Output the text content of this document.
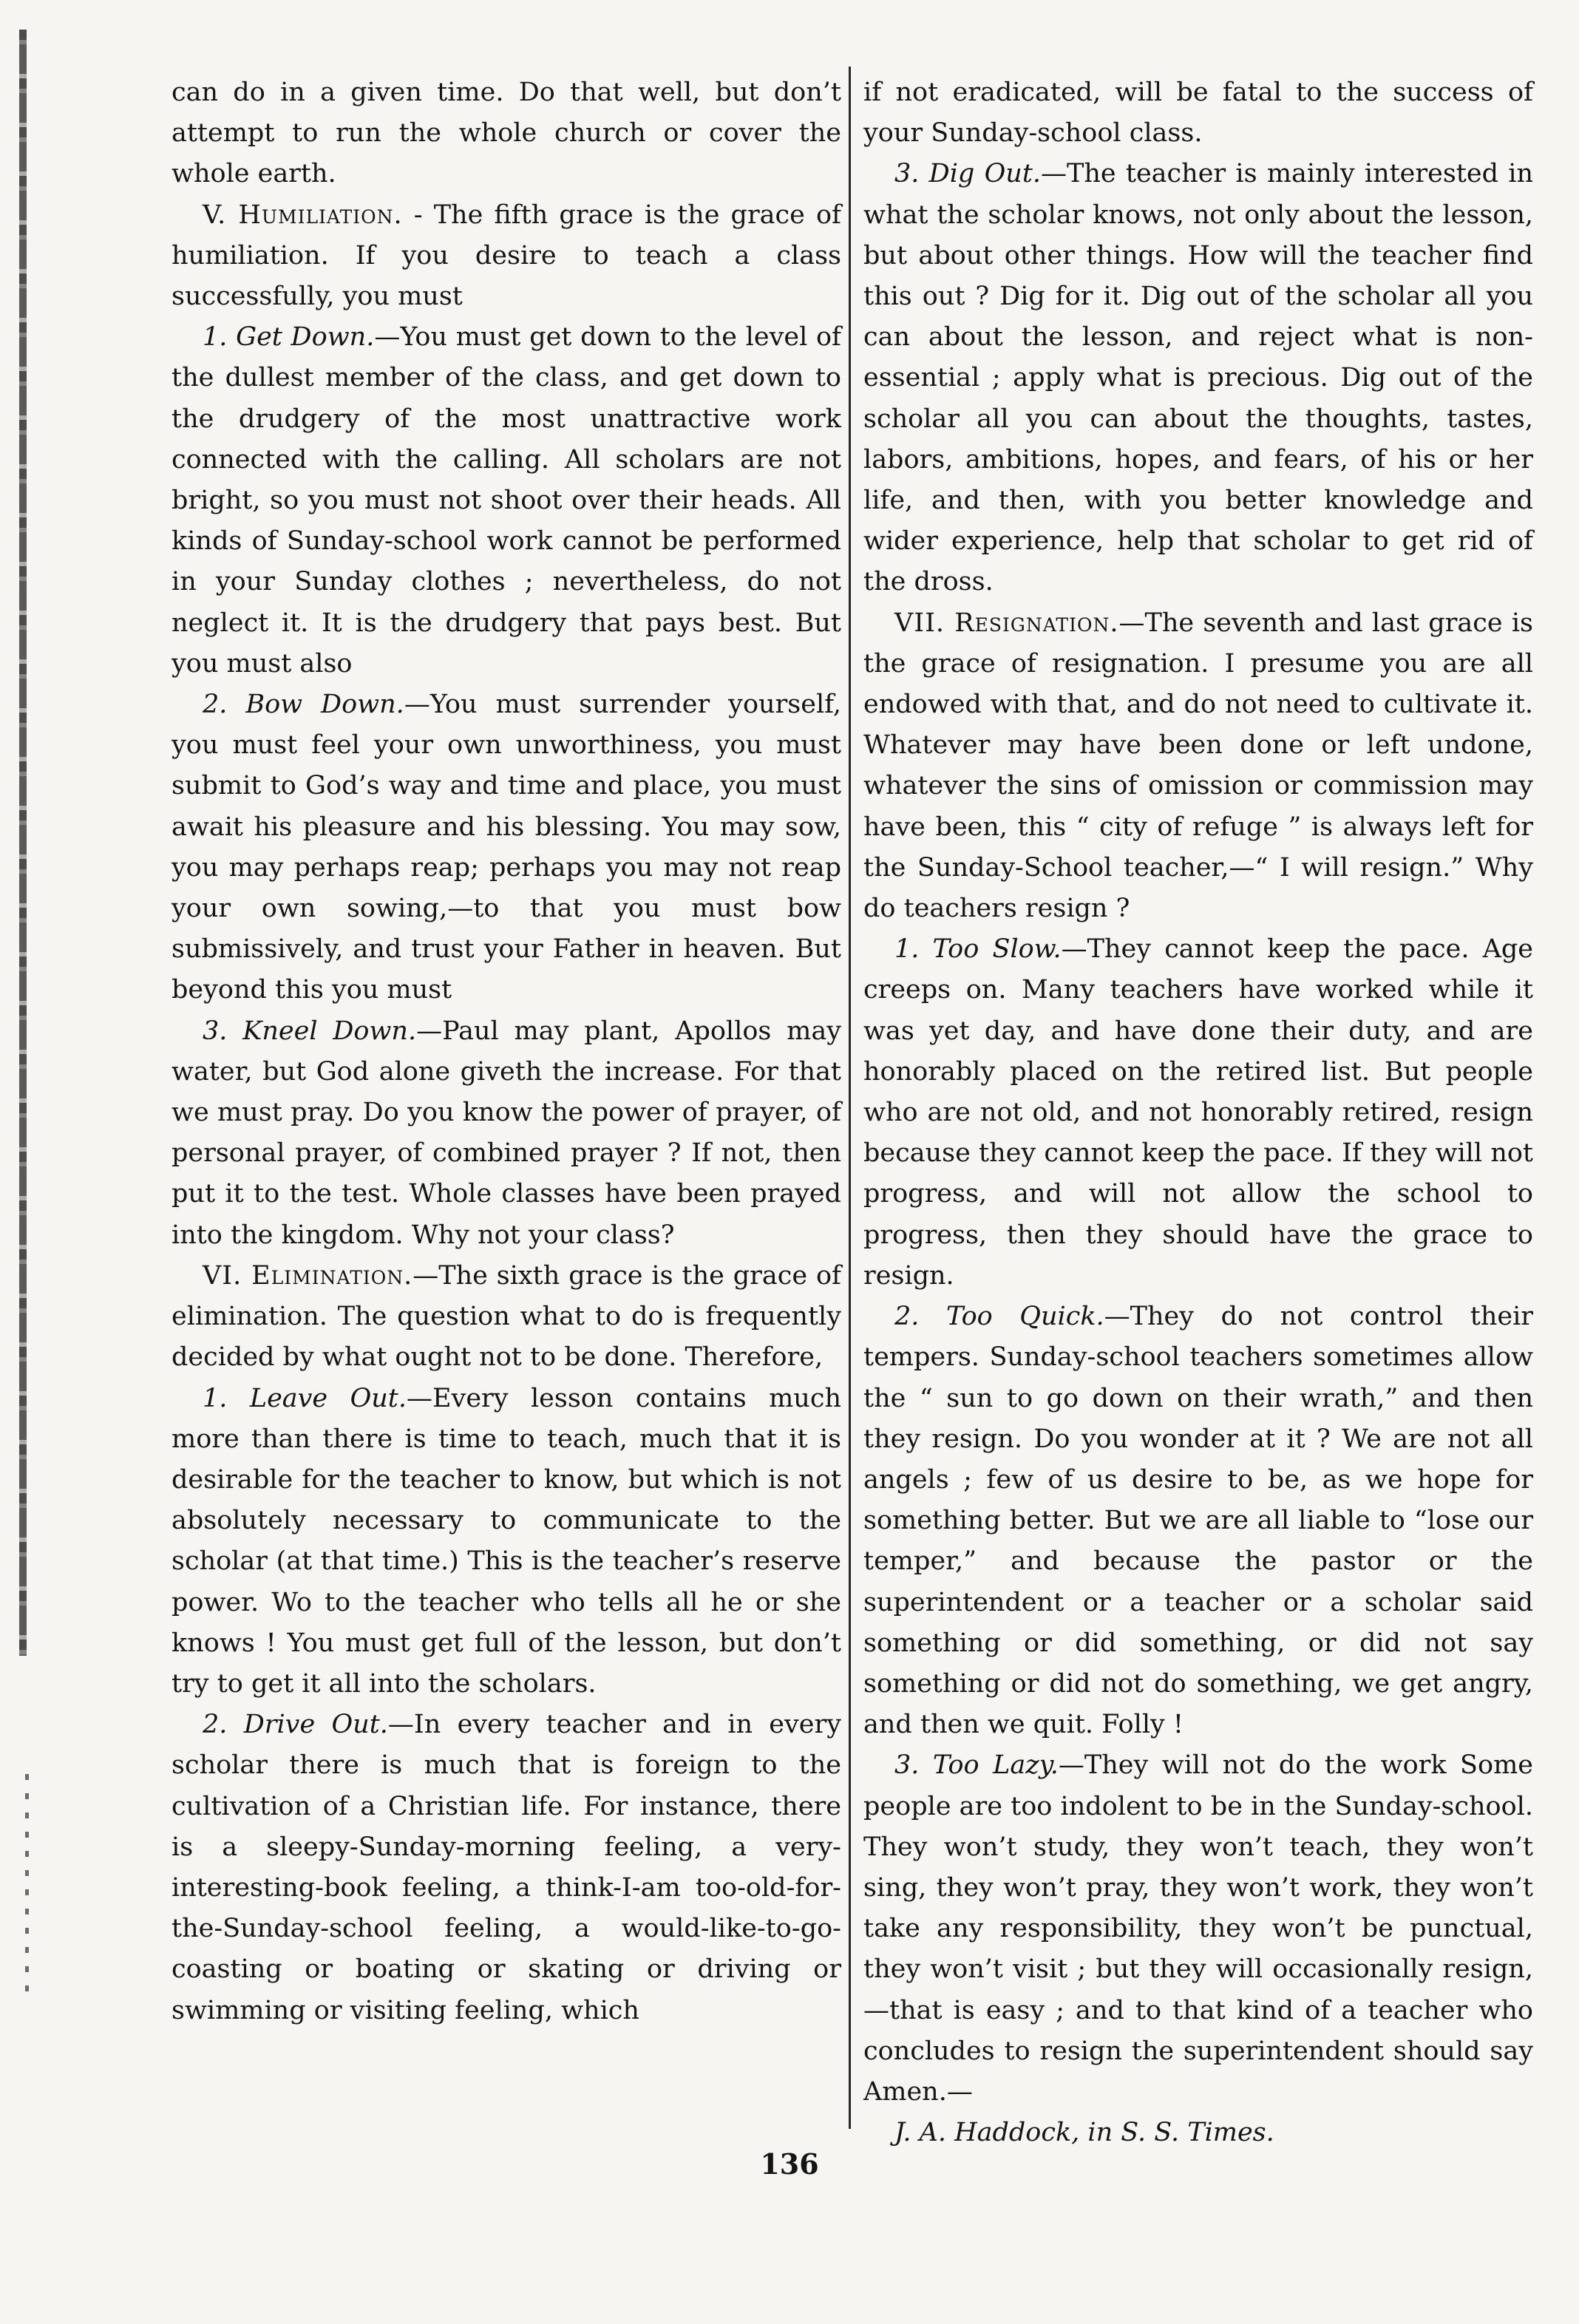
can do in a given time. Do that well, but don’t attempt to run the whole church or cover the whole earth.

V. Humiliation. - The fifth grace is the grace of humiliation. If you desire to teach a class successfully, you must

1. Get Down.—You must get down to the level of the dullest member of the class, and get down to the drudgery of the most unattractive work connected with the calling. All scholars are not bright, so you must not shoot over their heads. All kinds of Sunday-school work cannot be performed in your Sunday clothes ; nevertheless, do not neglect it. It is the drudgery that pays best. But you must also

2. Bow Down.—You must surrender yourself, you must feel your own unworthiness, you must submit to God’s way and time and place, you must await his pleasure and his blessing. You may sow, you may perhaps reap; perhaps you may not reap your own sowing,—to that you must bow submissively, and trust your Father in heaven. But beyond this you must

3. Kneel Down.—Paul may plant, Apollos may water, but God alone giveth the increase. For that we must pray. Do you know the power of prayer, of personal prayer, of combined prayer ? If not, then put it to the test. Whole classes have been prayed into the kingdom. Why not your class?

VI. Elimination.—The sixth grace is the grace of elimination. The question what to do is frequently decided by what ought not to be done. Therefore,

1. Leave Out.—Every lesson contains much more than there is time to teach, much that it is desirable for the teacher to know, but which is not absolutely necessary to communicate to the scholar (at that time.) This is the teacher’s reserve power. Wo to the teacher who tells all he or she knows ! You must get full of the lesson, but don’t try to get it all into the scholars.

2. Drive Out.—In every teacher and in every scholar there is much that is foreign to the cultivation of a Christian life. For instance, there is a sleepy-Sunday-morning feeling, a very-interesting-book feeling, a think-I-am too-old-for-the-Sunday-school feeling, a would-like-to-go-coasting or boating or skating or driving or swimming or visiting feeling, which

if not eradicated, will be fatal to the success of your Sunday-school class.

3. Dig Out.—The teacher is mainly interested in what the scholar knows, not only about the lesson, but about other things. How will the teacher find this out ? Dig for it. Dig out of the scholar all you can about the lesson, and reject what is non-essential ; apply what is precious. Dig out of the scholar all you can about the thoughts, tastes, labors, ambitions, hopes, and fears, of his or her life, and then, with you better knowledge and wider experience, help that scholar to get rid of the dross.

VII. Resignation.—The seventh and last grace is the grace of resignation. I presume you are all endowed with that, and do not need to cultivate it. Whatever may have been done or left undone, whatever the sins of omission or commission may have been, this “ city of refuge ” is always left for the Sunday-School teacher,—“ I will resign.” Why do teachers resign ?

1. Too Slow.—They cannot keep the pace. Age creeps on. Many teachers have worked while it was yet day, and have done their duty, and are honorably placed on the retired list. But people who are not old, and not honorably retired, resign because they cannot keep the pace. If they will not progress, and will not allow the school to progress, then they should have the grace to resign.

2. Too Quick.—They do not control their tempers. Sunday-school teachers sometimes allow the “ sun to go down on their wrath,” and then they resign. Do you wonder at it ? We are not all angels ; few of us desire to be, as we hope for something better. But we are all liable to “lose our temper,” and because the pastor or the superintendent or a teacher or a scholar said something or did something, or did not say something or did not do something, we get angry, and then we quit. Folly !

3. Too Lazy.—They will not do the work Some people are too indolent to be in the Sunday-school. They won’t study, they won’t teach, they won’t sing, they won’t pray, they won’t work, they won’t take any responsibility, they won’t be punctual, they won’t visit ; but they will occasionally resign,—that is easy ; and to that kind of a teacher who concludes to resign the superintendent should say Amen.—

J. A. Haddock, in S. S. Times.

136
